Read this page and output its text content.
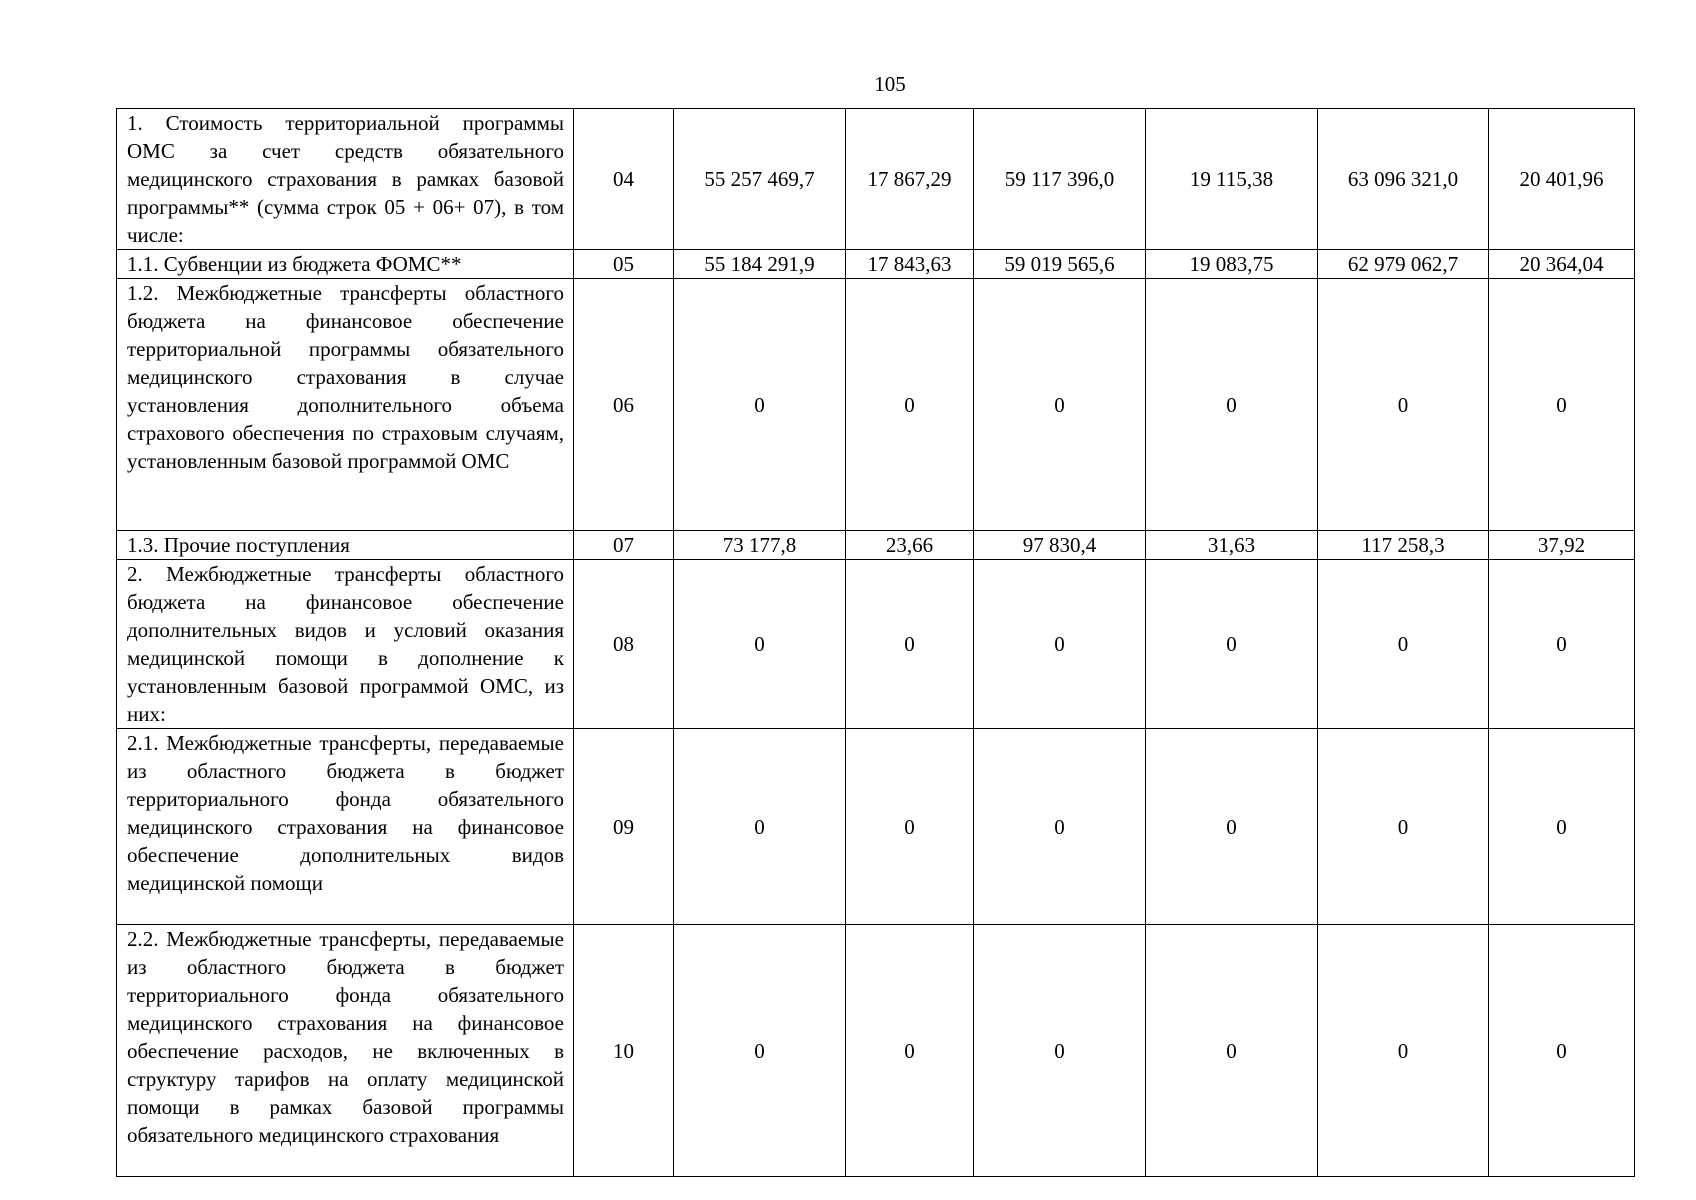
105
1. Стоимость территориальной программы ОМС за счет средств обязательного медицинского страхования в рамках базовой программы** (сумма строк 05 + 06+ 07), в том числе:	04	55 257 469,7	17 867,29	59 117 396,0	19 115,38	63 096 321,0	20 401,96
1.1. Субвенции из бюджета ФОМС**	05	55 184 291,9	17 843,63	59 019 565,6	19 083,75	62 979 062,7	20 364,04
1.2. Межбюджетные трансферты областного бюджета на финансовое обеспечение территориальной программы обязательного медицинского страхования в случае установления дополнительного объема страхового обеспечения по страховым случаям, установленным базовой программой ОМС	06	0	0	0	0	0	0
1.3. Прочие поступления	07	73 177,8	23,66	97 830,4	31,63	117 258,3	37,92
2. Межбюджетные трансферты областного бюджета на финансовое обеспечение дополнительных видов и условий оказания медицинской помощи в дополнение к установленным базовой программой ОМС, из них:	08	0	0	0	0	0	0
2.1. Межбюджетные трансферты, передаваемые из областного бюджета в бюджет территориального фонда обязательного медицинского страхования на финансовое обеспечение дополнительных видов медицинской помощи	09	0	0	0	0	0	0
2.2. Межбюджетные трансферты, передаваемые из областного бюджета в бюджет территориального фонда обязательного медицинского страхования на финансовое обеспечение расходов, не включенных в структуру тарифов на оплату медицинской помощи в рамках базовой программы обязательного медицинского страхования	10	0	0	0	0	0	0
